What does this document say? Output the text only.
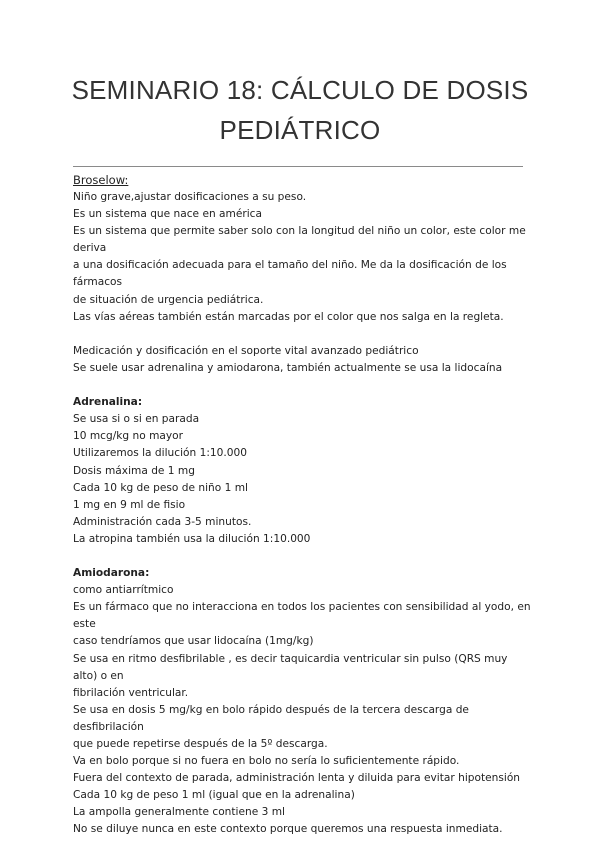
SEMINARIO 18: CÁLCULO DE DOSIS
PEDIÁTRICO

Broselow:

Niño grave,ajustar dosificaciones a su peso.

Es un sistema que nace en américa

Es un sistema que permite saber solo con la longitud del niño un color, este color me deriva

a una dosificación adecuada para el tamaño del niño. Me da la dosificación de los fármacos

de situación de urgencia pediátrica.

Las vías aéreas también están marcadas por el color que nos salga en la regleta.

Medicación y dosificación en el soporte vital avanzado pediátrico

Se suele usar adrenalina y amiodarona, también actualmente se usa la lidocaína

Adrenalina:

Se usa si o si en parada

10 mcg/kg no mayor

Utilizaremos la dilución 1:10.000

Dosis máxima de 1 mg

Cada 10 kg de peso de niño 1 ml

1 mg en 9 ml de fisio

Administración cada 3-5 minutos.

La atropina también usa la dilución 1:10.000

Amiodarona:

como antiarrítmico

Es un fármaco que no interacciona en todos los pacientes con sensibilidad al yodo, en este

caso tendríamos que usar lidocaína (1mg/kg)

Se usa en ritmo desfibrilable , es decir taquicardia ventricular sin pulso (QRS muy alto) o en

fibrilación ventricular.

Se usa en dosis 5 mg/kg en bolo rápido después de la tercera descarga de desfibrilación

que puede repetirse después de la 5º descarga.

Va en bolo porque si no fuera en bolo no sería lo suficientemente rápido.

Fuera del contexto de parada, administración lenta y diluida para evitar hipotensión

Cada 10 kg de peso 1 ml (igual que en la adrenalina)

La ampolla generalmente contiene 3 ml

No se diluye nunca en este contexto porque queremos una respuesta inmediata.
